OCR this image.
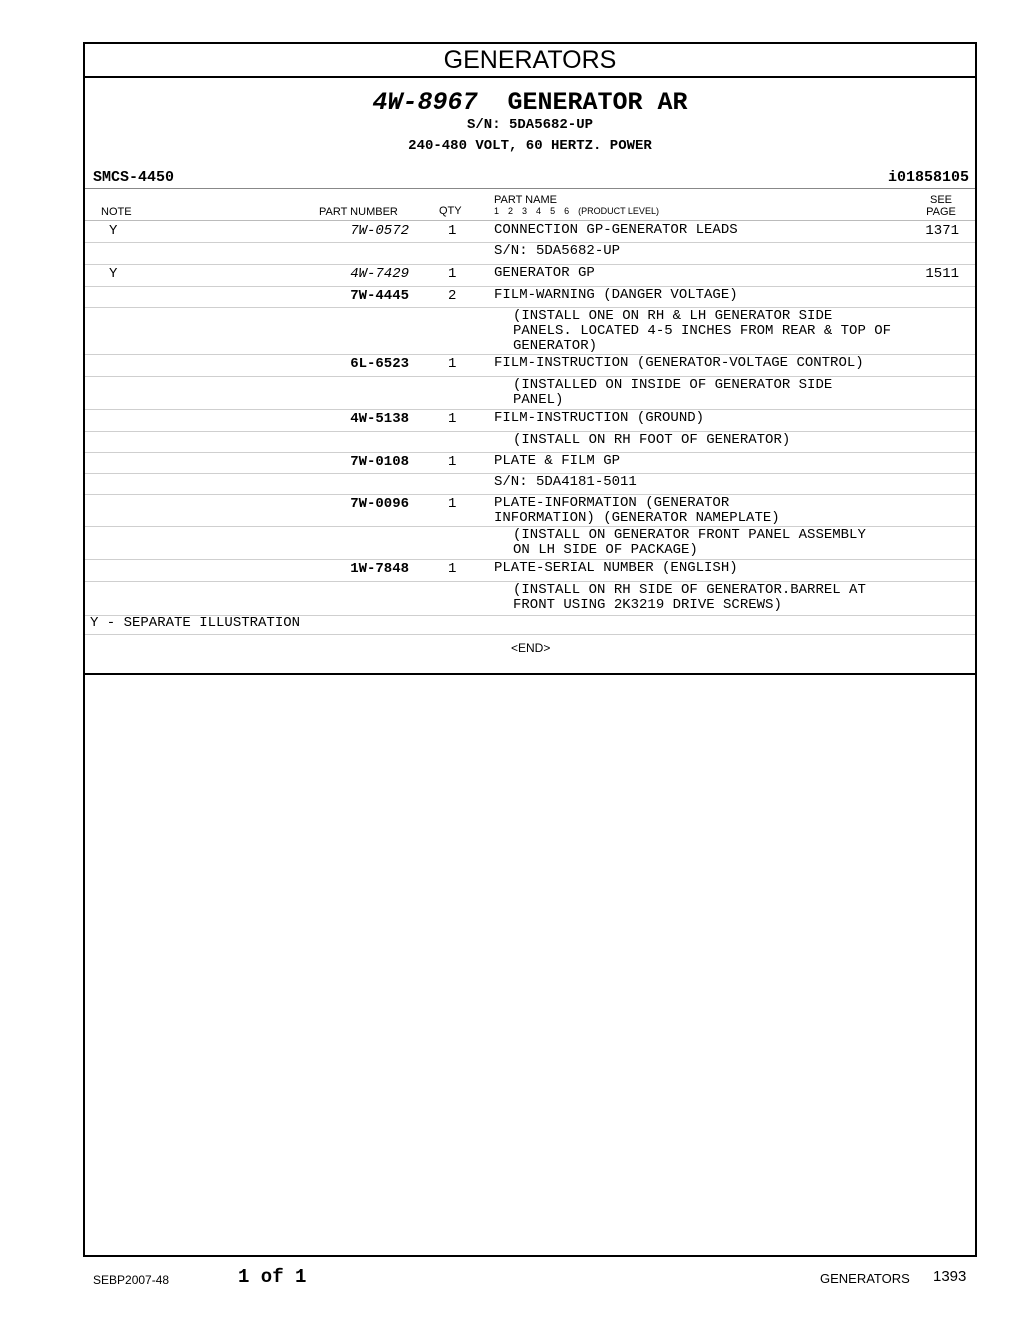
GENERATORS
4W-8967 GENERATOR AR
S/N: 5DA5682-UP
240-480 VOLT, 60 HERTZ. POWER
SMCS-4450	i01858105
NOTE	PART NUMBER	QTY
PART NAME
1 2 3 4 5 6 (PRODUCT LEVEL)
SEE
PAGE
Y	7W-0572	1	CONNECTION GP-GENERATOR LEADS	1371
S/N: 5DA5682-UP
Y	4W-7429	1	GENERATOR GP	1511
7W-4445	2	FILM-WARNING (DANGER VOLTAGE)
(INSTALL ONE ON RH & LH GENERATOR SIDE
PANELS. LOCATED 4-5 INCHES FROM REAR & TOP OF
GENERATOR)
6L-6523	1	FILM-INSTRUCTION (GENERATOR-VOLTAGE CONTROL)
(INSTALLED ON INSIDE OF GENERATOR SIDE
PANEL)
4W-5138	1	FILM-INSTRUCTION (GROUND)
(INSTALL ON RH FOOT OF GENERATOR)
7W-0108	1	PLATE & FILM GP
S/N: 5DA4181-5011
7W-0096	1	PLATE-INFORMATION (GENERATOR
INFORMATION) (GENERATOR NAMEPLATE)
(INSTALL ON GENERATOR FRONT PANEL ASSEMBLY
ON LH SIDE OF PACKAGE)
1W-7848	1	PLATE-SERIAL NUMBER (ENGLISH)
(INSTALL ON RH SIDE OF GENERATOR.BARREL AT
FRONT USING 2K3219 DRIVE SCREWS)
Y - SEPARATE ILLUSTRATION
<END>
SEBP2007-48	1 of 1	GENERATORS 1393
